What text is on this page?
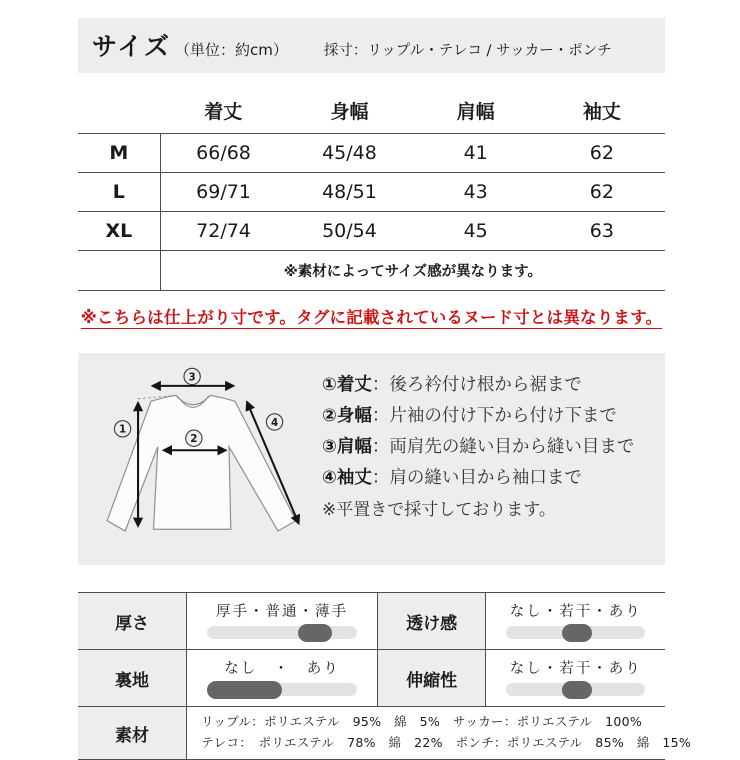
サイズ （単位：約cm） 採寸：リップル・テレコ / サッカー・ポンチ
	着丈	身幅	肩幅	袖丈
M	66/68	45/48	41	62
L	69/71	48/51	43	62
XL	72/74	50/54	45	63
	※素材によってサイズ感が異なります。			
※こちらは仕上がり寸です。タグに記載されているヌード寸とは異なります。
1
2
3
4
①着丈：後ろ衿付け根から裾まで
②身幅：片袖の付け下から付け下まで
③肩幅：両肩先の縫い目から縫い目まで
④袖丈：肩の縫い目から袖口まで
※平置きで採寸しております。
厚さ	厚手・普通・薄手	透け感	なし・若干・あり

裏地	なし　・　あり	伸縮性	なし・若干・あり

素材	リップル：ポリエステル　95%　綿　5%　サッカー：ポリエステル　100%
テレコ：　ポリエステル　78%　綿　22%　ポンチ：ポリエステル　85%　綿　15%		
